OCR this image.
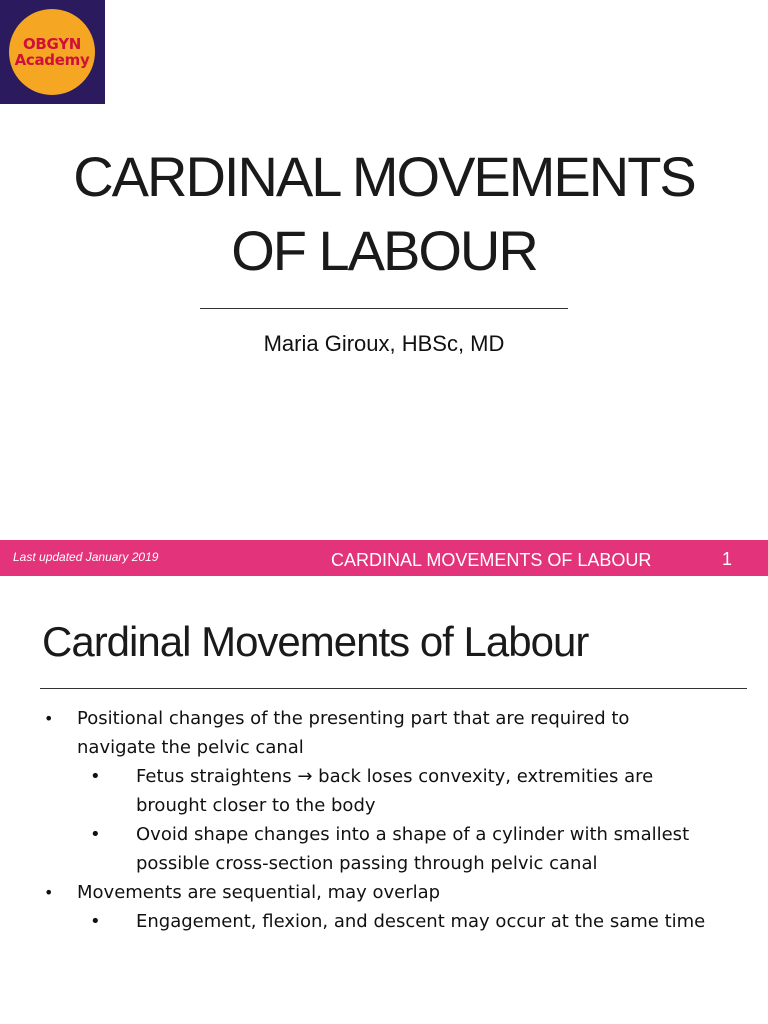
OBGYN
Academy
CARDINAL MOVEMENTS
OF LABOUR
Maria Giroux, HBSc, MD
Last updated January 2019	CARDINAL MOVEMENTS OF LABOUR	1
Cardinal Movements of Labour
• Positional changes of the presenting part that are required to
navigate the pelvic canal
• Fetus straightens → back loses convexity, extremities are
brought closer to the body
• Ovoid shape changes into a shape of a cylinder with smallest
possible cross-section passing through pelvic canal
• Movements are sequential, may overlap
• Engagement, flexion, and descent may occur at the same time
